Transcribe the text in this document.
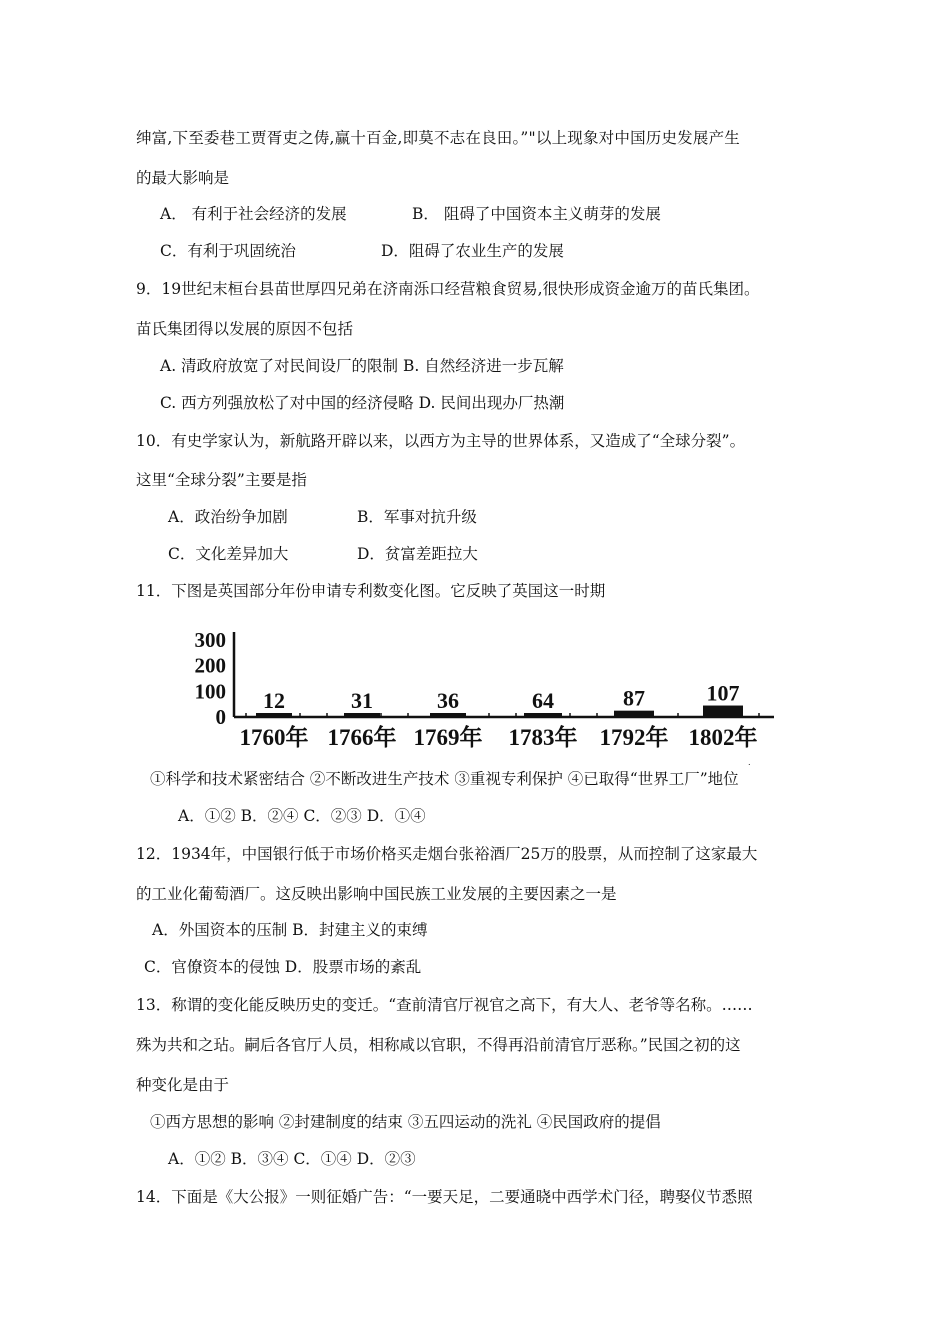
绅富,下至委巷工贾胥吏之俦,赢十百金,即莫不志在良田。”"以上现象对中国历史发展产生
的最大影响是
A． 有利于社会经济的发展	B． 阻碍了中国资本主义萌芽的发展
C．有利于巩固统治	D．阻碍了农业生产的发展
9．19世纪末桓台县苗世厚四兄弟在济南泺口经营粮食贸易,很快形成资金逾万的苗氏集团。
苗氏集团得以发展的原因不包括
A. 清政府放宽了对民间设厂的限制 B. 自然经济进一步瓦解
C. 西方列强放松了对中国的经济侵略 D. 民间出现办厂热潮
10．有史学家认为，新航路开辟以来，以西方为主导的世界体系，又造成了“全球分裂”。
这里“全球分裂”主要是指
A．政治纷争加剧	B．军事对抗升级
C．文化差异加大	D．贫富差距拉大
11．下图是英国部分年份申请专利数变化图。它反映了英国这一时期
300
200
100
0
12
1760年
31
1766年
36
1769年
64
1783年
87
1792年
107
1802年
.
①科学和技术紧密结合 ②不断改进生产技术 ③重视专利保护 ④已取得“世界工厂”地位
A．①② B．②④ C．②③ D．①④
12．1934年，中国银行低于市场价格买走烟台张裕酒厂25万的股票，从而控制了这家最大
的工业化葡萄酒厂。这反映出影响中国民族工业发展的主要因素之一是
A．外国资本的压制 B．封建主义的束缚
C．官僚资本的侵蚀 D．股票市场的紊乱
13．称谓的变化能反映历史的变迁。“查前清官厅视官之高下，有大人、老爷等名称。……
殊为共和之玷。嗣后各官厅人员，相称咸以官职，不得再沿前清官厅恶称。”民国之初的这
种变化是由于
①西方思想的影响 ②封建制度的结束 ③五四运动的洗礼 ④民国政府的提倡
A．①② B．③④ C．①④ D．②③
14．下面是《大公报》一则征婚广告：“一要天足，二要通晓中西学术门径，聘娶仪节悉照
